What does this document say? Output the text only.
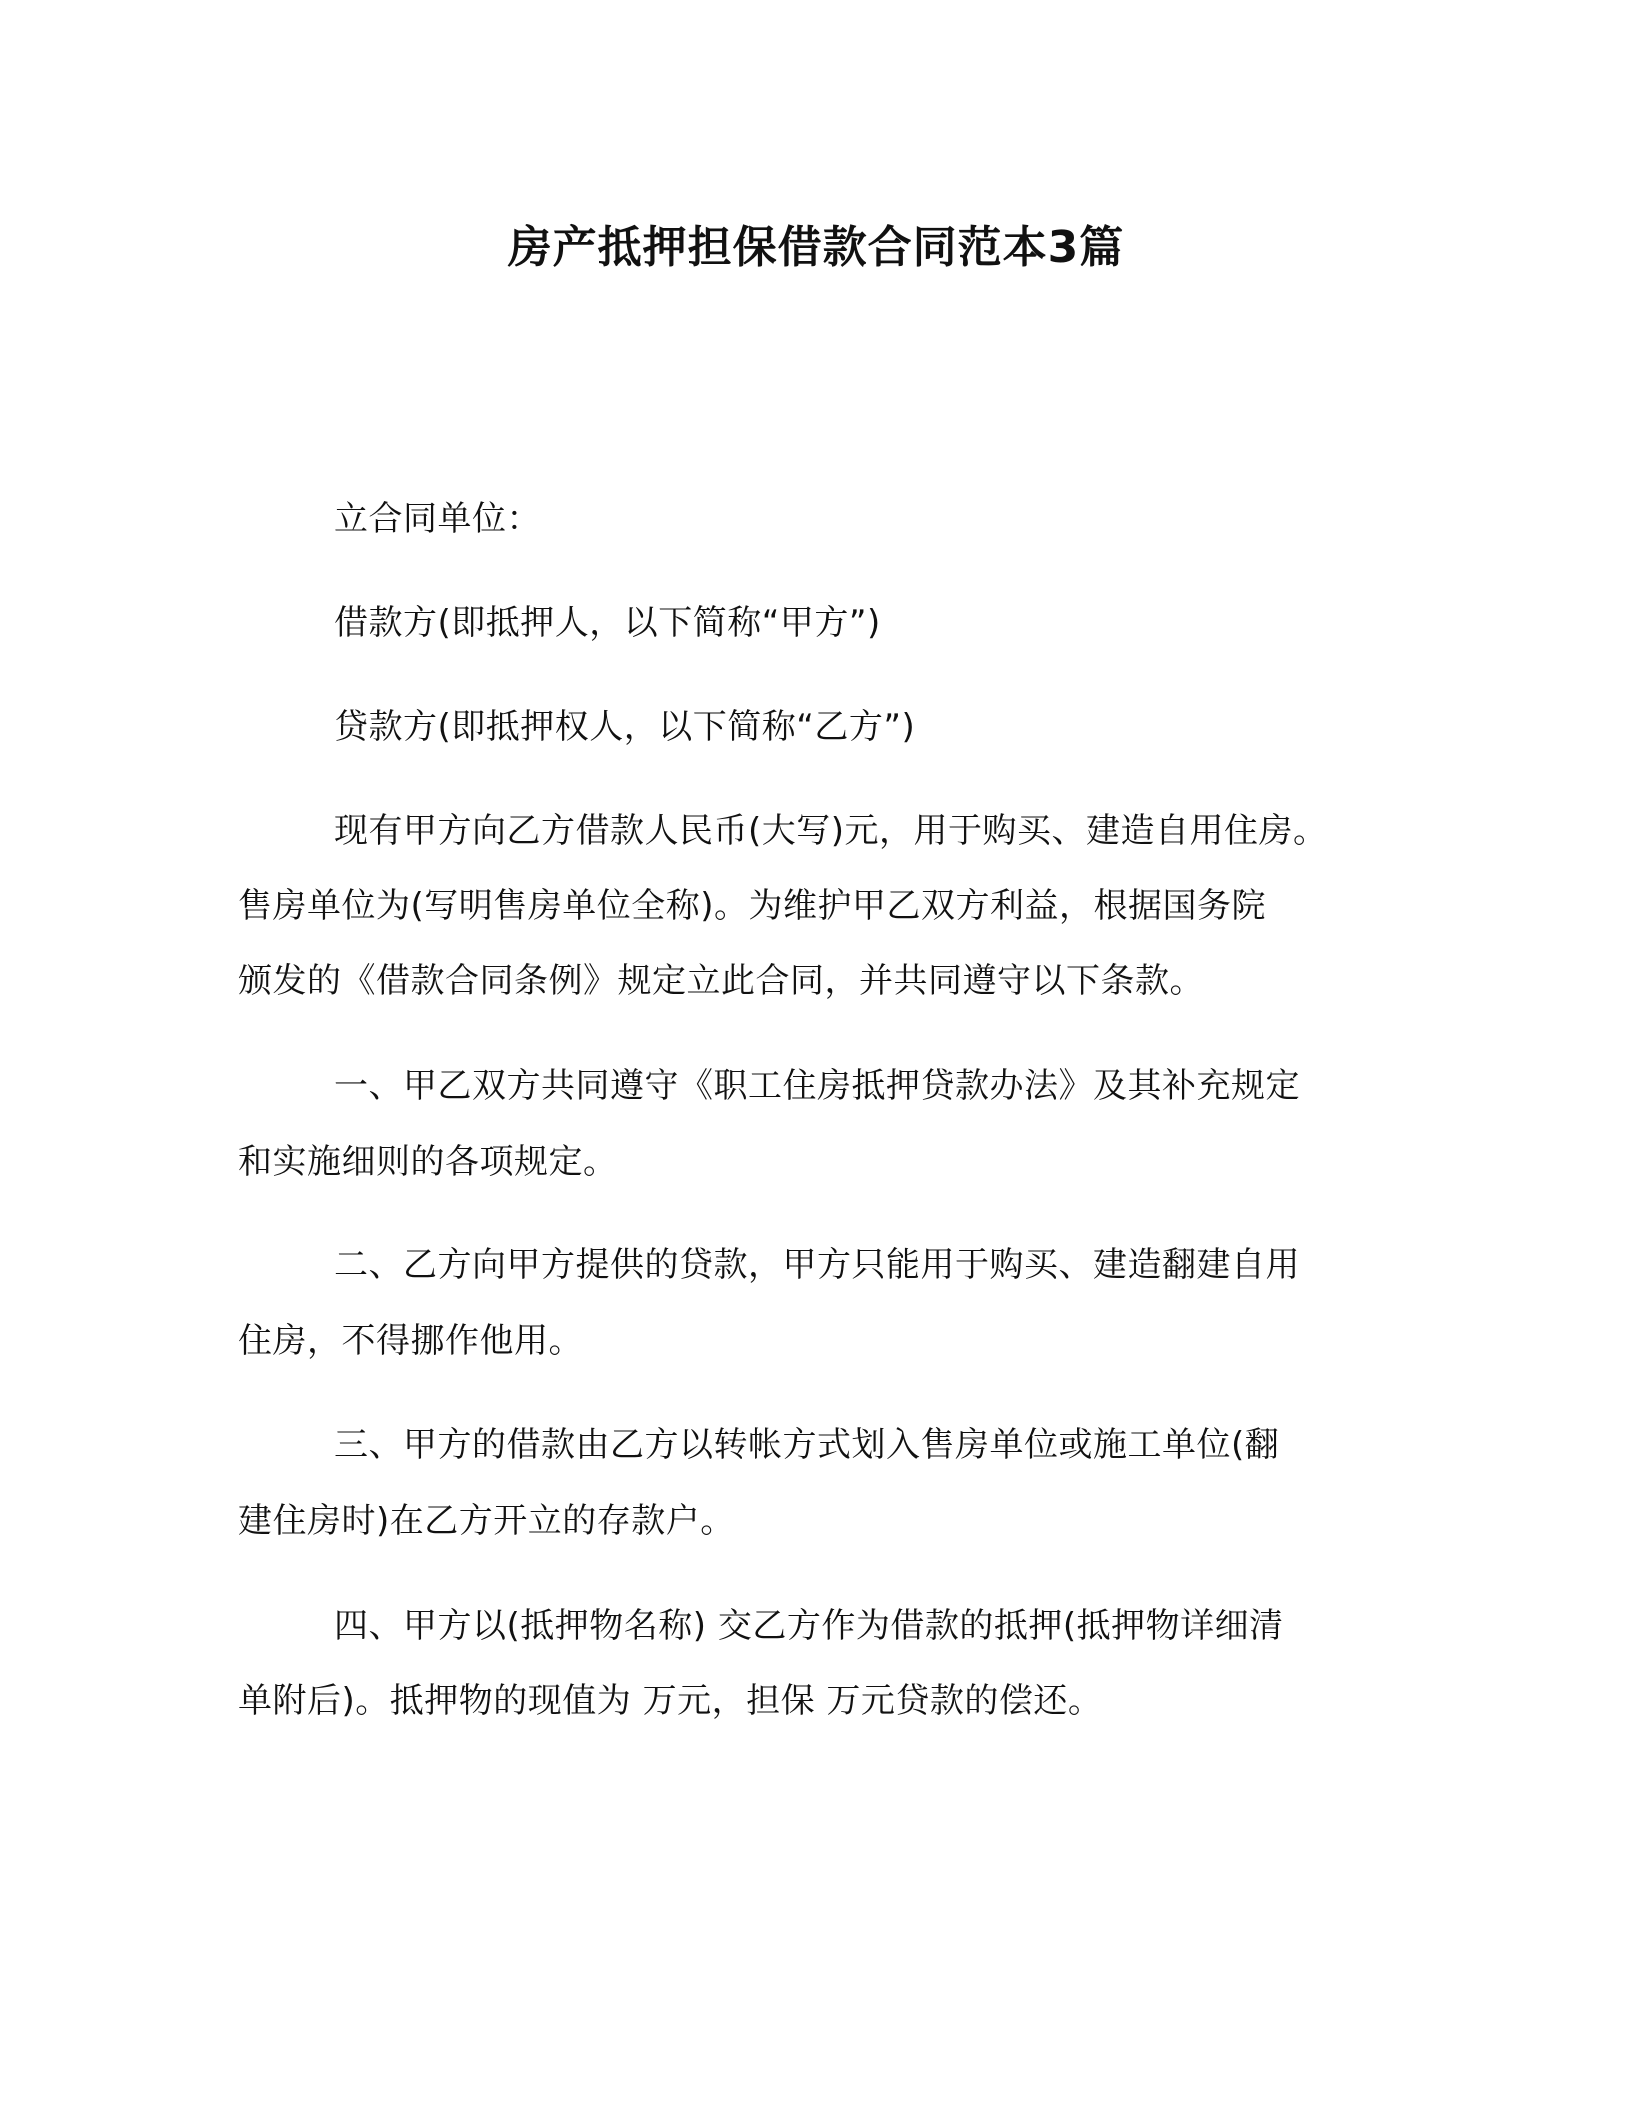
房产抵押担保借款合同范本3篇
立合同单位：
借款方(即抵押人，以下简称“甲方”)
贷款方(即抵押权人，以下简称“乙方”)
现有甲方向乙方借款人民币(大写)元，用于购买、建造自用住房。
售房单位为(写明售房单位全称)。为维护甲乙双方利益，根据国务院
颁发的《借款合同条例》规定立此合同，并共同遵守以下条款。
一、甲乙双方共同遵守《职工住房抵押贷款办法》及其补充规定
和实施细则的各项规定。
二、乙方向甲方提供的贷款，甲方只能用于购买、建造翻建自用
住房，不得挪作他用。
三、甲方的借款由乙方以转帐方式划入售房单位或施工单位(翻
建住房时)在乙方开立的存款户。
四、甲方以(抵押物名称) 交乙方作为借款的抵押(抵押物详细清
单附后)。抵押物的现值为 万元，担保 万元贷款的偿还。
